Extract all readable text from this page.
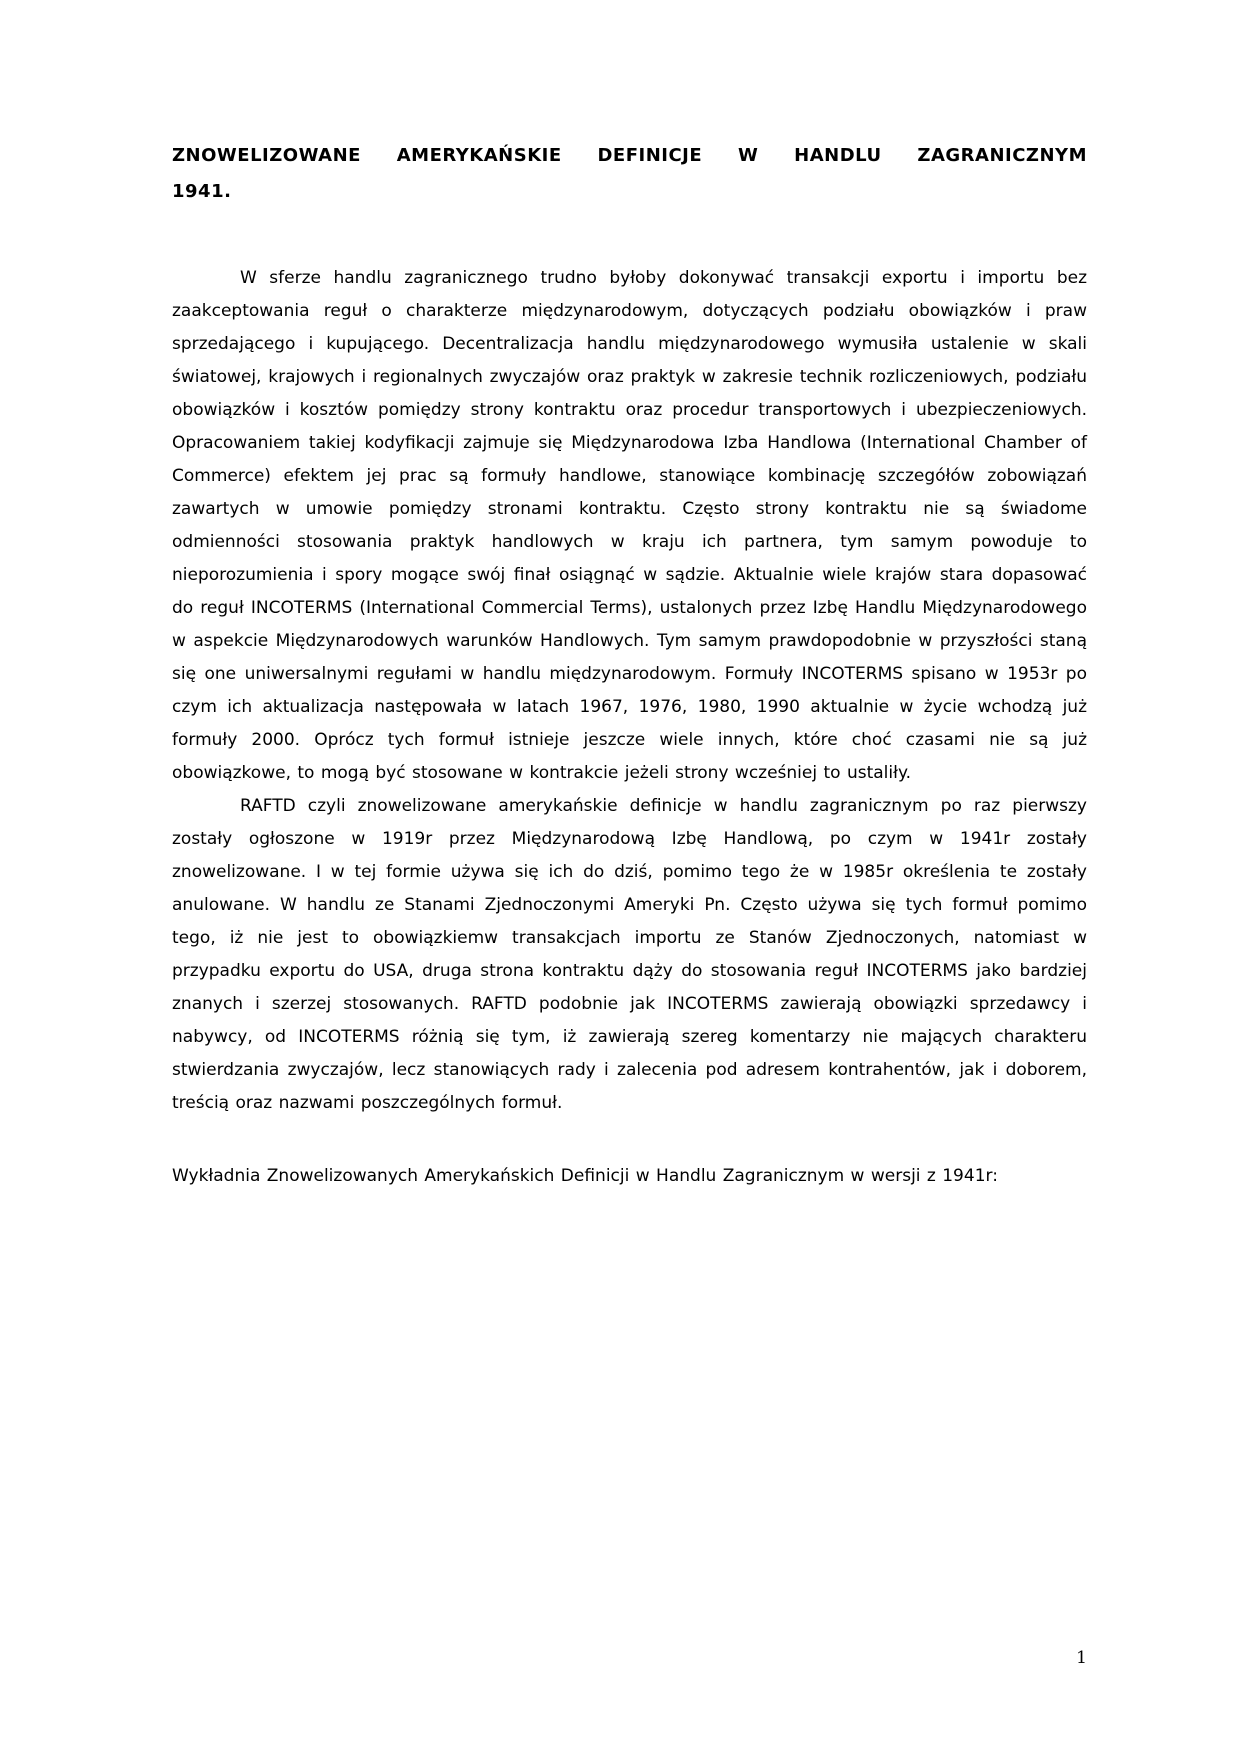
ZNOWELIZOWANE AMERYKAŃSKIE DEFINICJE W HANDLU ZAGRANICZNYM
1941.

W sferze handlu zagranicznego trudno byłoby dokonywać transakcji exportu i importu bez zaakceptowania reguł o charakterze międzynarodowym, dotyczących podziału obowiązków i praw sprzedającego i kupującego. Decentralizacja handlu międzynarodowego wymusiła ustalenie w skali światowej, krajowych i regionalnych zwyczajów oraz praktyk w zakresie technik rozliczeniowych, podziału obowiązków i kosztów pomiędzy strony kontraktu oraz procedur transportowych i ubezpieczeniowych. Opracowaniem takiej kodyfikacji zajmuje się Międzynarodowa Izba Handlowa (International Chamber of Commerce) efektem jej prac są formuły handlowe, stanowiące kombinację szczegółów zobowiązań zawartych w umowie pomiędzy stronami kontraktu. Często strony kontraktu nie są świadome odmienności stosowania praktyk handlowych w kraju ich partnera, tym samym powoduje to nieporozumienia i spory mogące swój finał osiągnąć w sądzie. Aktualnie wiele krajów stara dopasować do reguł INCOTERMS (International Commercial Terms), ustalonych przez Izbę Handlu Międzynarodowego w aspekcie Międzynarodowych warunków Handlowych. Tym samym prawdopodobnie w przyszłości staną się one uniwersalnymi regułami w handlu międzynarodowym. Formuły INCOTERMS spisano w 1953r po czym ich aktualizacja następowała w latach 1967, 1976, 1980, 1990 aktualnie w życie wchodzą już formuły 2000. Oprócz tych formuł istnieje jeszcze wiele innych, które choć czasami nie są już obowiązkowe, to mogą być stosowane w kontrakcie jeżeli strony wcześniej to ustaliły.

RAFTD czyli znowelizowane amerykańskie definicje w handlu zagranicznym po raz pierwszy zostały ogłoszone w 1919r przez Międzynarodową Izbę Handlową, po czym w 1941r zostały znowelizowane. I w tej formie używa się ich do dziś, pomimo tego że w 1985r określenia te zostały anulowane. W handlu ze Stanami Zjednoczonymi Ameryki Pn. Często używa się tych formuł pomimo tego, iż nie jest to obowiązkiemw transakcjach importu ze Stanów Zjednoczonych, natomiast w przypadku exportu do USA, druga strona kontraktu dąży do stosowania reguł INCOTERMS jako bardziej znanych i szerzej stosowanych. RAFTD podobnie jak INCOTERMS zawierają obowiązki sprzedawcy i nabywcy, od INCOTERMS różnią się tym, iż zawierają szereg komentarzy nie mających charakteru stwierdzania zwyczajów, lecz stanowiących rady i zalecenia pod adresem kontrahentów, jak i doborem, treścią oraz nazwami poszczególnych formuł.

Wykładnia Znowelizowanych Amerykańskich Definicji w Handlu Zagranicznym w wersji z 1941r:

1
